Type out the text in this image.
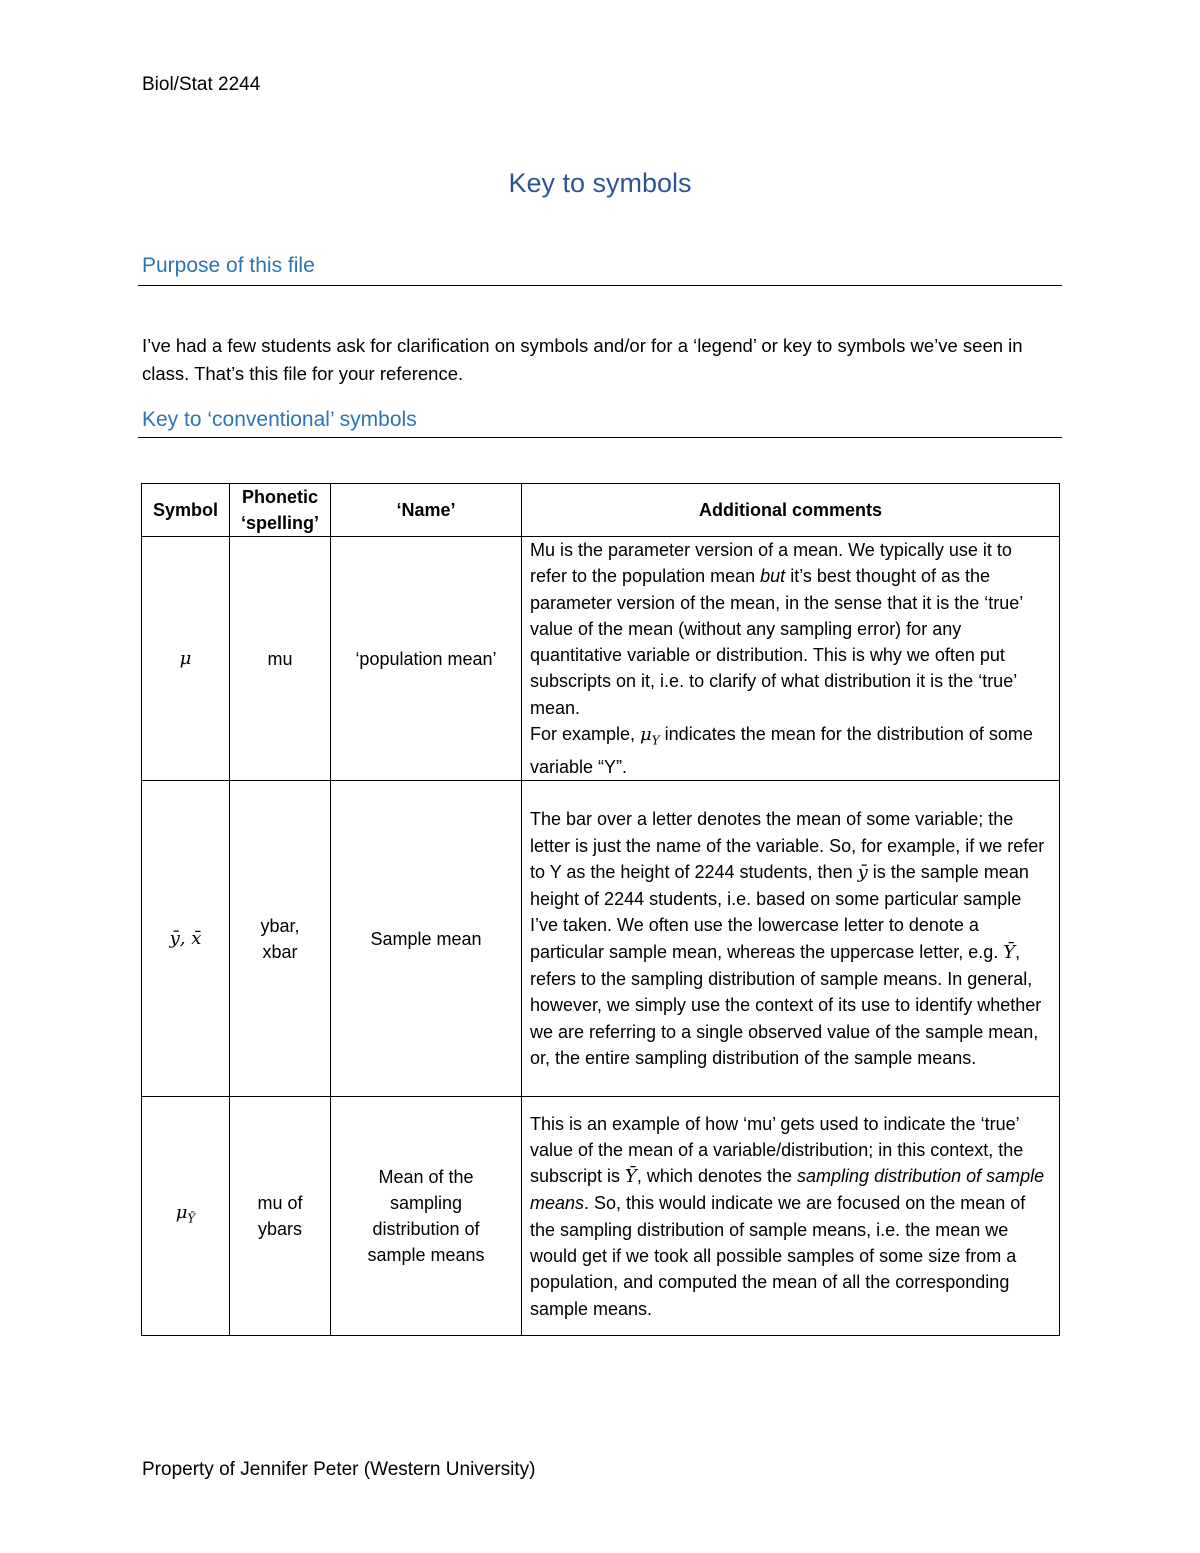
Biol/Stat 2244
Key to symbols
Purpose of this file
I’ve had a few students ask for clarification on symbols and/or for a ‘legend’ or key to symbols we’ve seen in class. That’s this file for your reference.
Key to ‘conventional’ symbols
Symbol	Phonetic ‘spelling’	‘Name’	Additional comments
μ	mu	‘population mean’	Mu is the parameter version of a mean. We typically use it to refer to the population mean but it’s best thought of as the parameter version of the mean, in the sense that it is the ‘true’ value of the mean (without any sampling error) for any quantitative variable or distribution. This is why we often put subscripts on it, i.e. to clarify of what distribution it is the ‘true’ mean.
For example, $\mu_Y$ indicates the mean for the distribution of some variable “Y”.
ȳ, x̄	ybar, xbar	Sample mean	The bar over a letter denotes the mean of some variable; the letter is just the name of the variable. So, for example, if we refer to Y as the height of 2244 students, then ȳ is the sample mean height of 2244 students, i.e. based on some particular sample I’ve taken. We often use the lowercase letter to denote a particular sample mean, whereas the uppercase letter, e.g. Ȳ, refers to the sampling distribution of sample means. In general, however, we simply use the context of its use to identify whether we are referring to a single observed value of the sample mean, or, the entire sampling distribution of the sample means.
$\mu_Ȳ$	mu of ybars	Mean of the sampling distribution of sample means	This is an example of how ‘mu’ gets used to indicate the ‘true’ value of the mean of a variable/distribution; in this context, the subscript is Ȳ, which denotes the sampling distribution of sample means. So, this would indicate we are focused on the mean of the sampling distribution of sample means, i.e. the mean we would get if we took all possible samples of some size from a population, and computed the mean of all the corresponding sample means.
Property of Jennifer Peter (Western University)
